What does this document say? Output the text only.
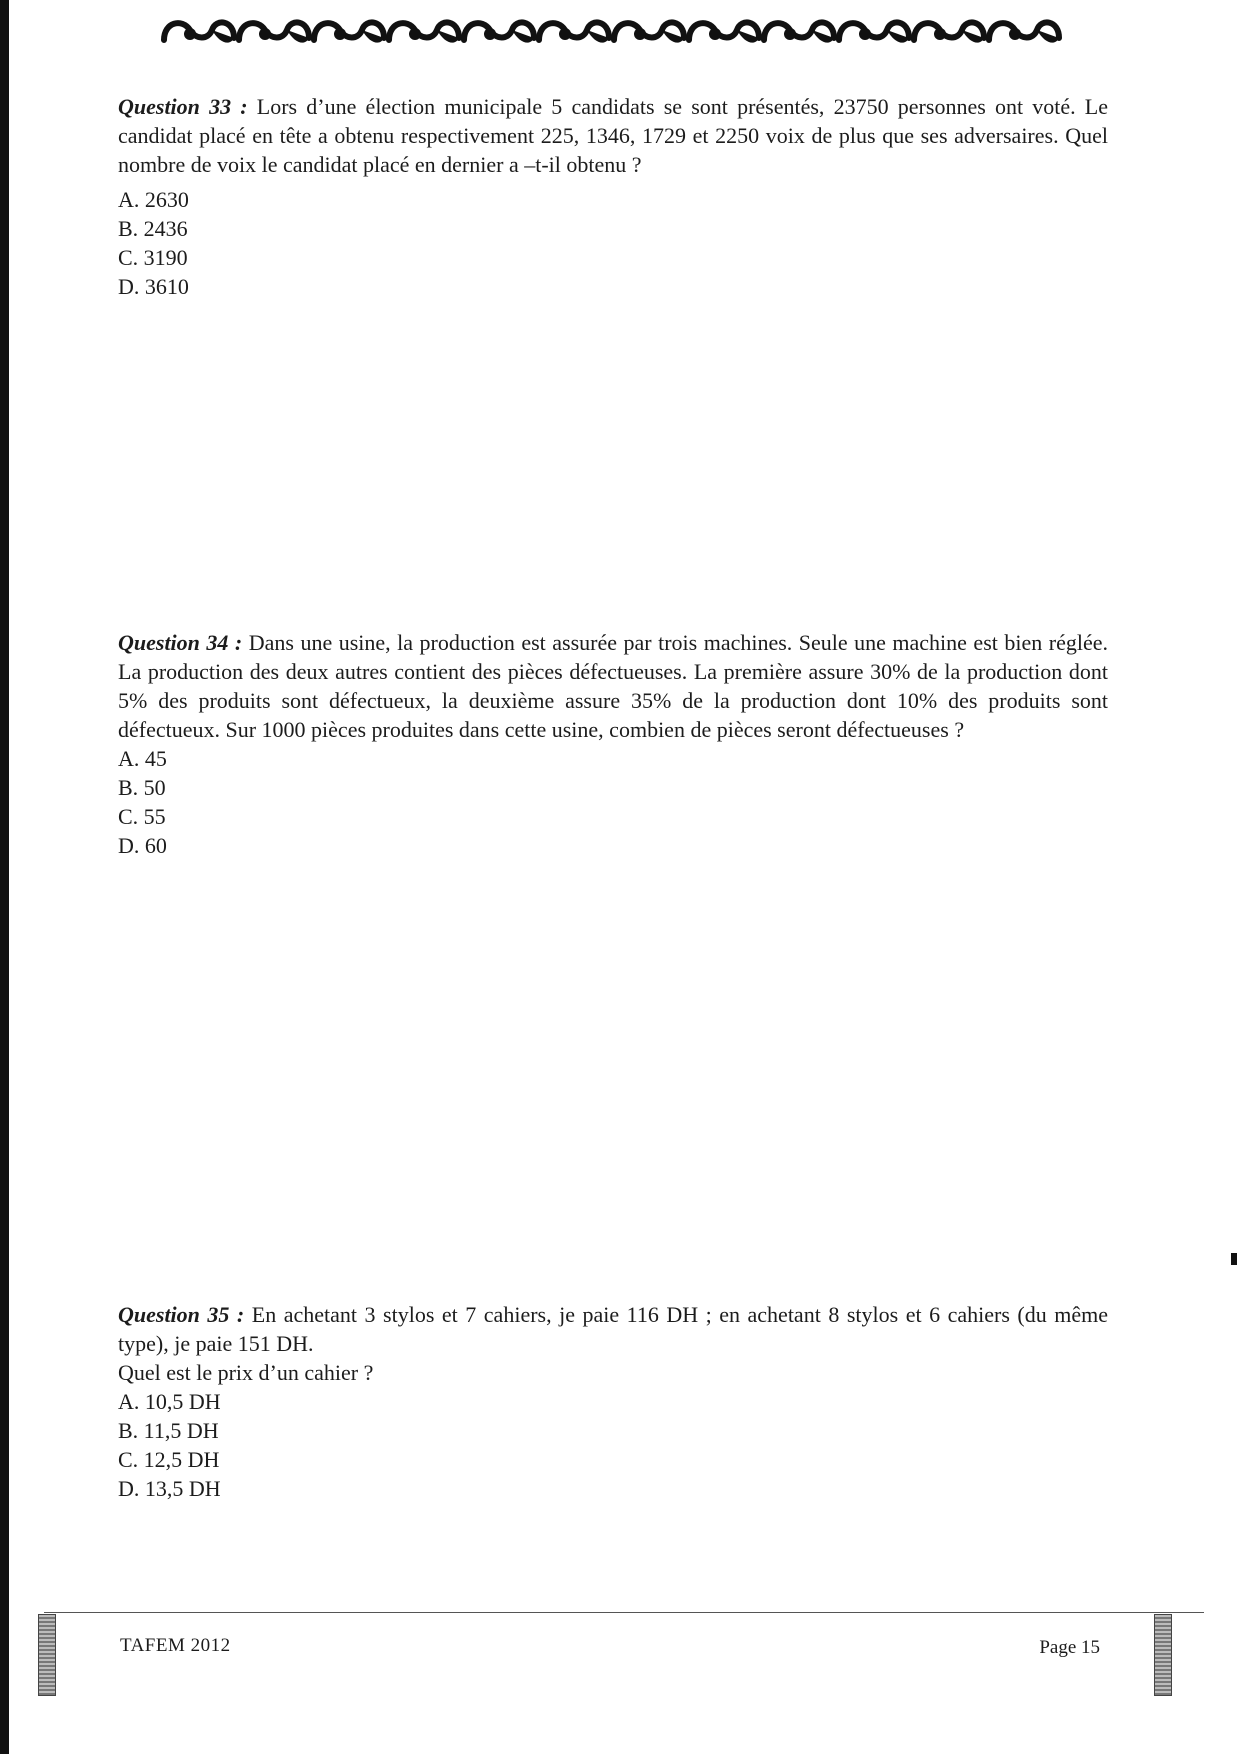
Question 33 : Lors d’une élection municipale 5 candidats se sont présentés, 23750 personnes ont voté. Le candidat placé en tête a obtenu respectivement 225, 1346, 1729 et 2250 voix de plus que ses adversaires. Quel nombre de voix le candidat placé en dernier a –t-il obtenu ?
A. 2630
B. 2436
C. 3190
D. 3610
Question 34 : Dans une usine, la production est assurée par trois machines. Seule une machine est bien réglée. La production des deux autres contient des pièces défectueuses. La première assure 30% de la production dont 5% des produits sont défectueux, la deuxième assure 35% de la production dont 10% des produits sont défectueux. Sur 1000 pièces produites dans cette usine, combien de pièces seront défectueuses ?
A. 45
B. 50
C. 55
D. 60
Question 35 : En achetant 3 stylos et 7 cahiers, je paie 116 DH ; en achetant 8 stylos et 6 cahiers (du même type), je paie 151 DH.
Quel est le prix d’un cahier ?
A. 10,5 DH
B. 11,5 DH
C. 12,5 DH
D. 13,5 DH
TAFEM 2012	Page 15
